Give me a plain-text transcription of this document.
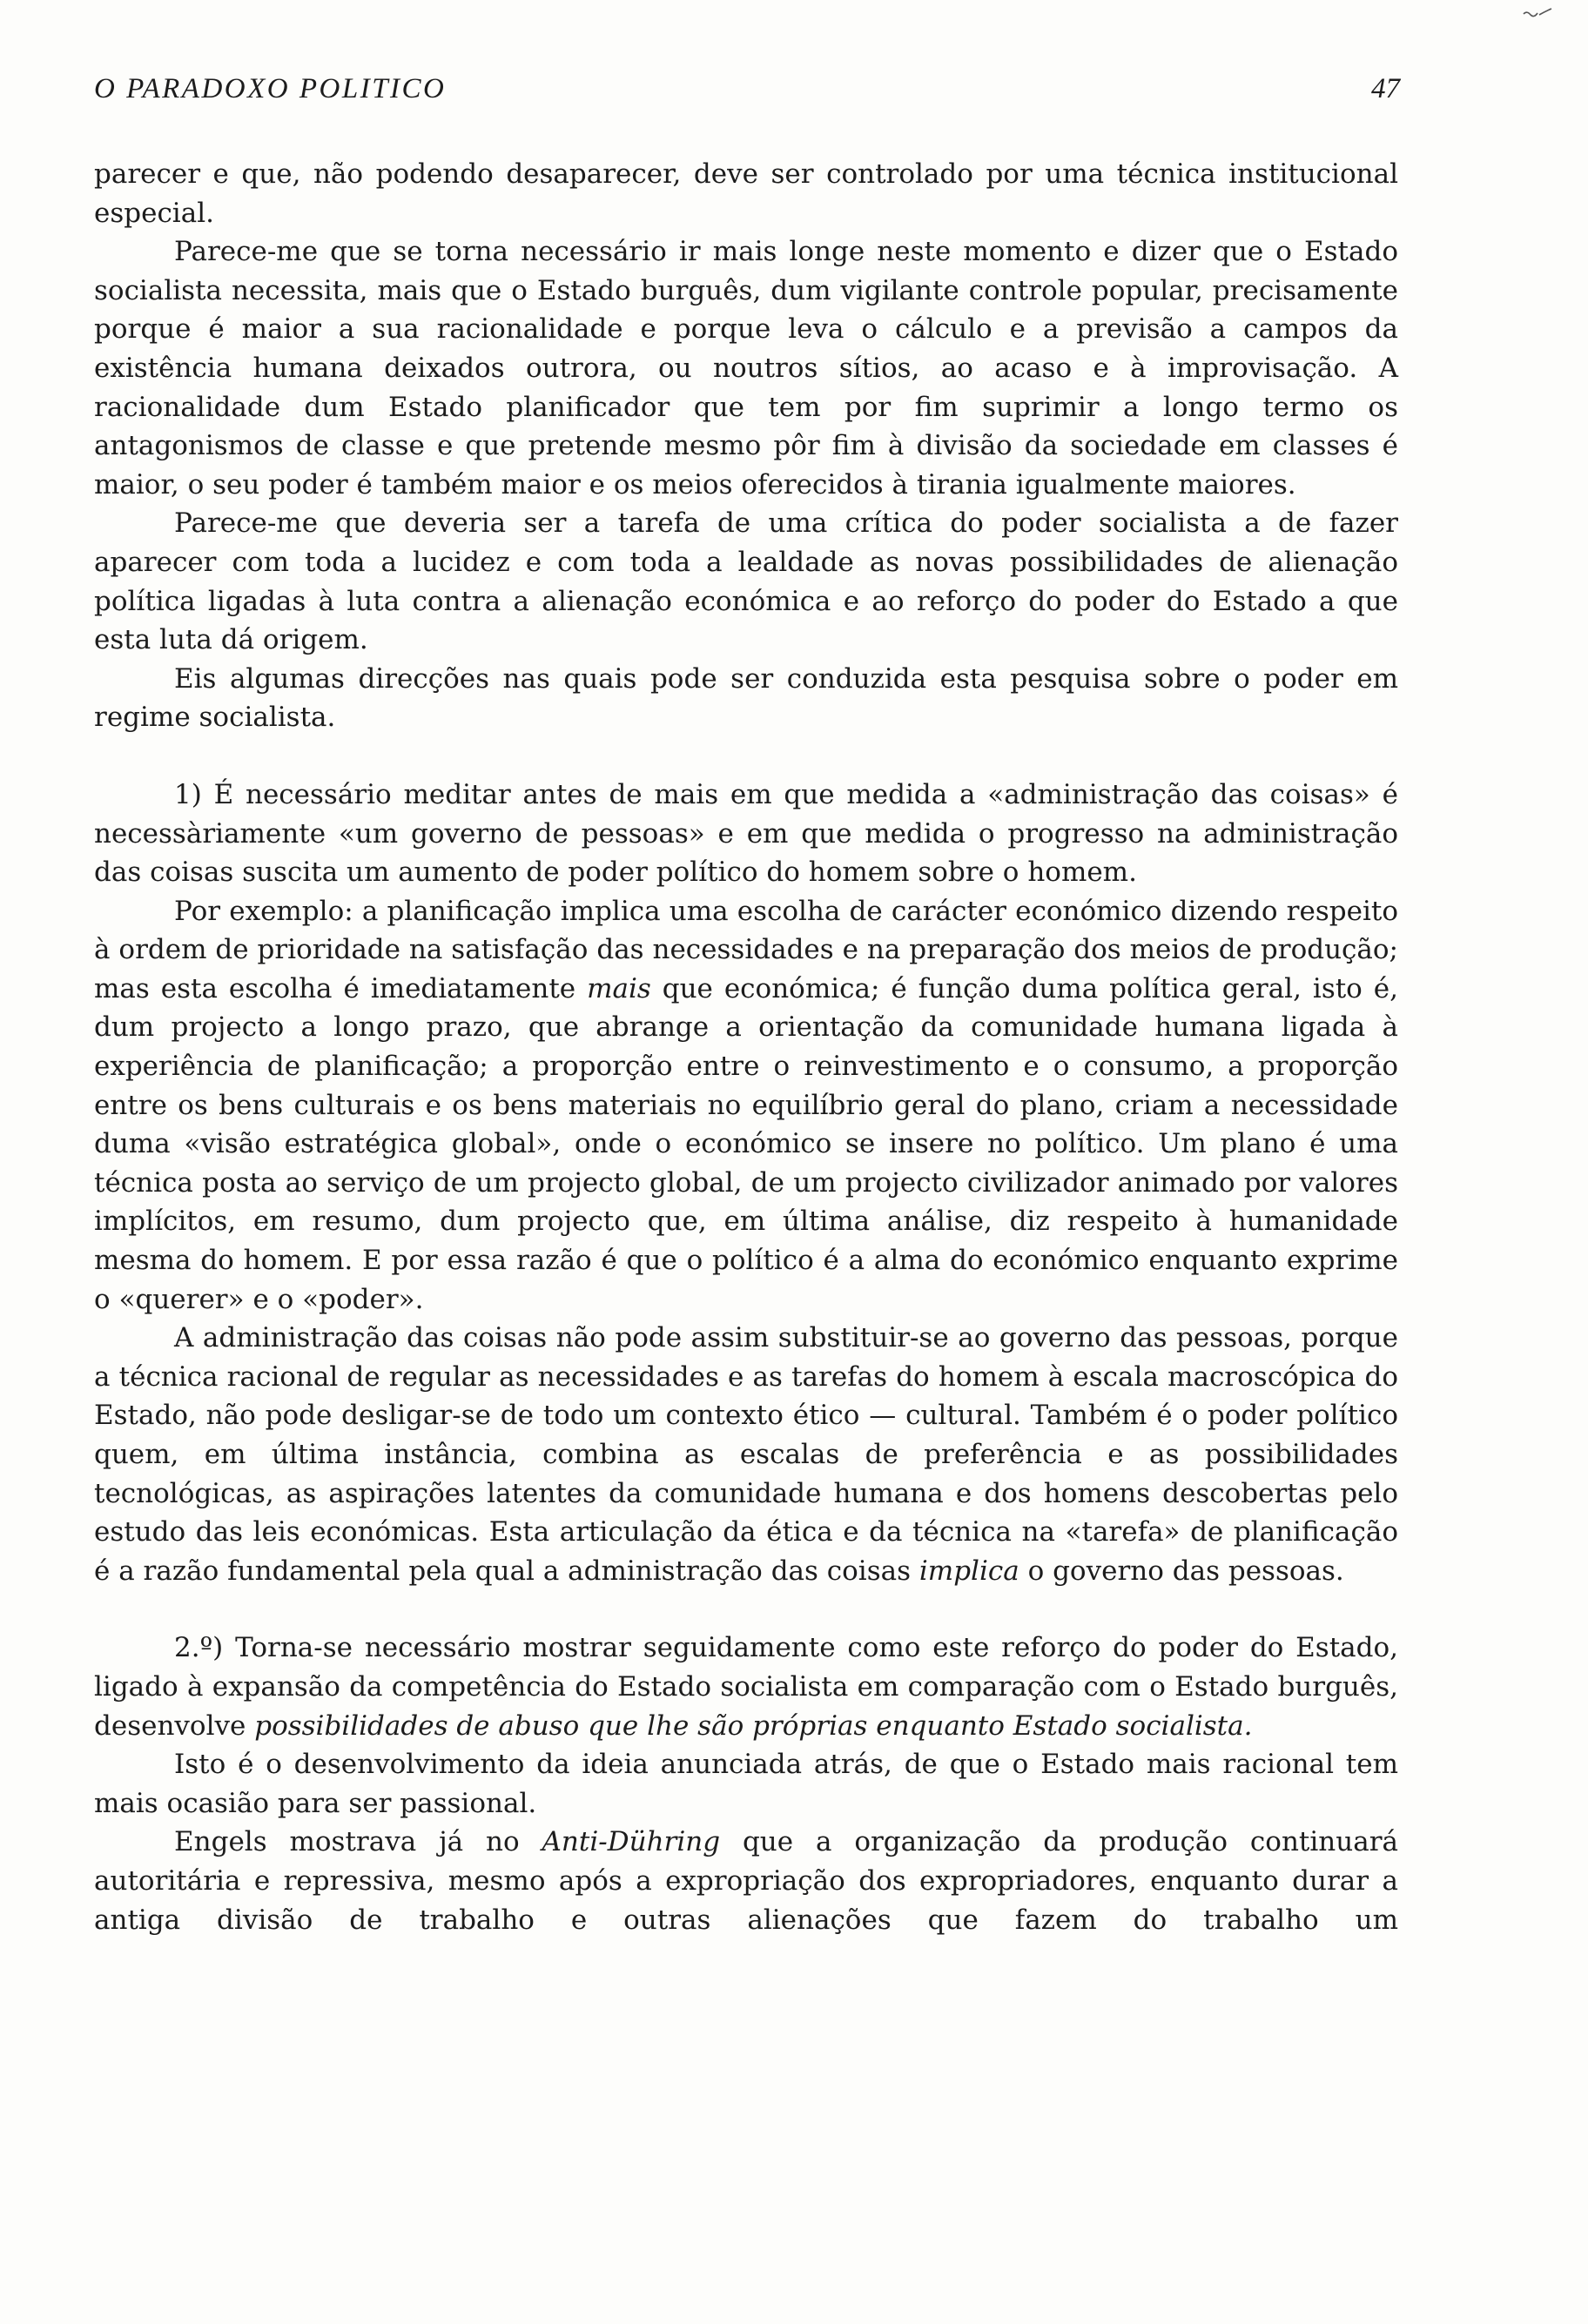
O PARADOXO POLITICO	47

parecer e que, não podendo desaparecer, deve ser controlado por uma técnica institucional especial.

Parece-me que se torna necessário ir mais longe neste momento e dizer que o Estado socialista necessita, mais que o Estado burguês, dum vigilante controle popular, precisamente porque é maior a sua racionalidade e porque leva o cálculo e a previsão a campos da existência humana deixados outrora, ou noutros sítios, ao acaso e à improvisação. A racionalidade dum Estado planificador que tem por fim suprimir a longo termo os antagonismos de classe e que pretende mesmo pôr fim à divisão da sociedade em classes é maior, o seu poder é também maior e os meios oferecidos à tirania igualmente maiores.

Parece-me que deveria ser a tarefa de uma crítica do poder socialista a de fazer aparecer com toda a lucidez e com toda a lealdade as novas possibilidades de alienação política ligadas à luta contra a alienação económica e ao reforço do poder do Estado a que esta luta dá origem.

Eis algumas direcções nas quais pode ser conduzida esta pesquisa sobre o poder em regime socialista.

1) É necessário meditar antes de mais em que medida a «administração das coisas» é necessàriamente «um governo de pessoas» e em que medida o progresso na administração das coisas suscita um aumento de poder político do homem sobre o homem.

Por exemplo: a planificação implica uma escolha de carácter económico dizendo respeito à ordem de prioridade na satisfação das necessidades e na preparação dos meios de produção; mas esta escolha é imediatamente mais que económica; é função duma política geral, isto é, dum projecto a longo prazo, que abrange a orientação da comunidade humana ligada à experiência de planificação; a proporção entre o reinvestimento e o consumo, a proporção entre os bens culturais e os bens materiais no equilíbrio geral do plano, criam a necessidade duma «visão estratégica global», onde o económico se insere no político. Um plano é uma técnica posta ao serviço de um projecto global, de um projecto civilizador animado por valores implícitos, em resumo, dum projecto que, em última análise, diz respeito à humanidade mesma do homem. E por essa razão é que o político é a alma do económico enquanto exprime o «querer» e o «poder».

A administração das coisas não pode assim substituir-se ao governo das pessoas, porque a técnica racional de regular as necessidades e as tarefas do homem à escala macroscópica do Estado, não pode desligar-se de todo um contexto ético — cultural. Também é o poder político quem, em última instância, combina as escalas de preferência e as possibilidades tecnológicas, as aspirações latentes da comunidade humana e dos homens descobertas pelo estudo das leis económicas. Esta articulação da ética e da técnica na «tarefa» de planificação é a razão fundamental pela qual a administração das coisas implica o governo das pessoas.

2.º) Torna-se necessário mostrar seguidamente como este reforço do poder do Estado, ligado à expansão da competência do Estado socialista em comparação com o Estado burguês, desenvolve possibilidades de abuso que lhe são próprias enquanto Estado socialista.

Isto é o desenvolvimento da ideia anunciada atrás, de que o Estado mais racional tem mais ocasião para ser passional.

Engels mostrava já no Anti-Dühring que a organização da produção continuará autoritária e repressiva, mesmo após a expropriação dos expropriadores, enquanto durar a antiga divisão de trabalho e outras alienações que fazem do trabalho um
